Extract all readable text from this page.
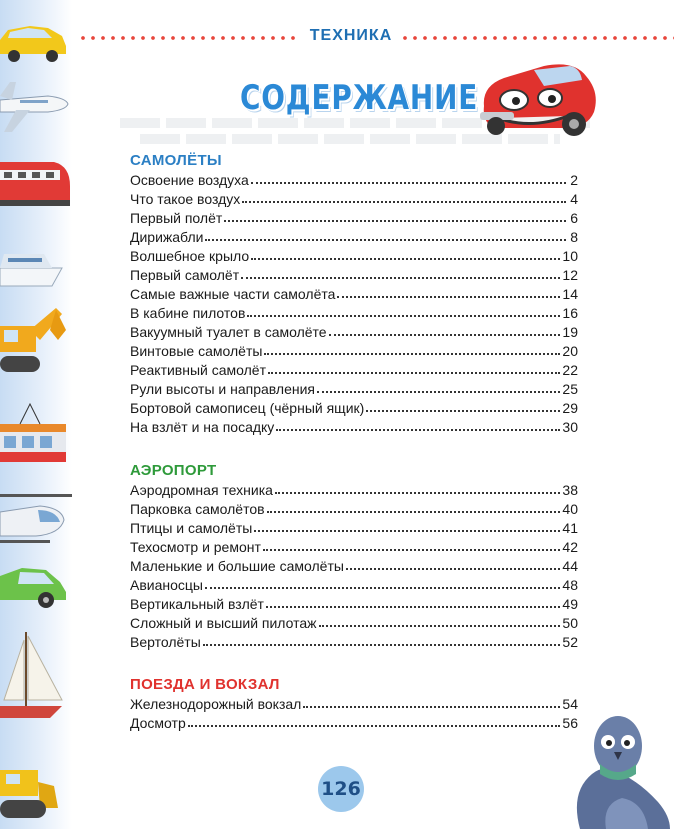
ТЕХНИКА
СОДЕРЖАНИЕ
САМОЛЁТЫ
Освоение воздуха	2
Что такое воздух	4
Первый полёт	6
Дирижабли	8
Волшебное крыло	10
Первый самолёт	12
Самые важные части самолёта	14
В кабине пилотов	16
Вакуумный туалет в самолёте	19
Винтовые самолёты	20
Реактивный самолёт	22
Рули высоты и направления	25
Бортовой самописец (чёрный ящик)	29
На взлёт и на посадку	30
АЭРОПОРТ
Аэродромная техника	38
Парковка самолётов	40
Птицы и самолёты	41
Техосмотр и ремонт	42
Маленькие и большие самолёты	44
Авианосцы	48
Вертикальный взлёт	49
Сложный и высший пилотаж	50
Вертолёты	52
ПОЕЗДА И ВОКЗАЛ
Железнодорожный вокзал	54
Досмотр	56
126
